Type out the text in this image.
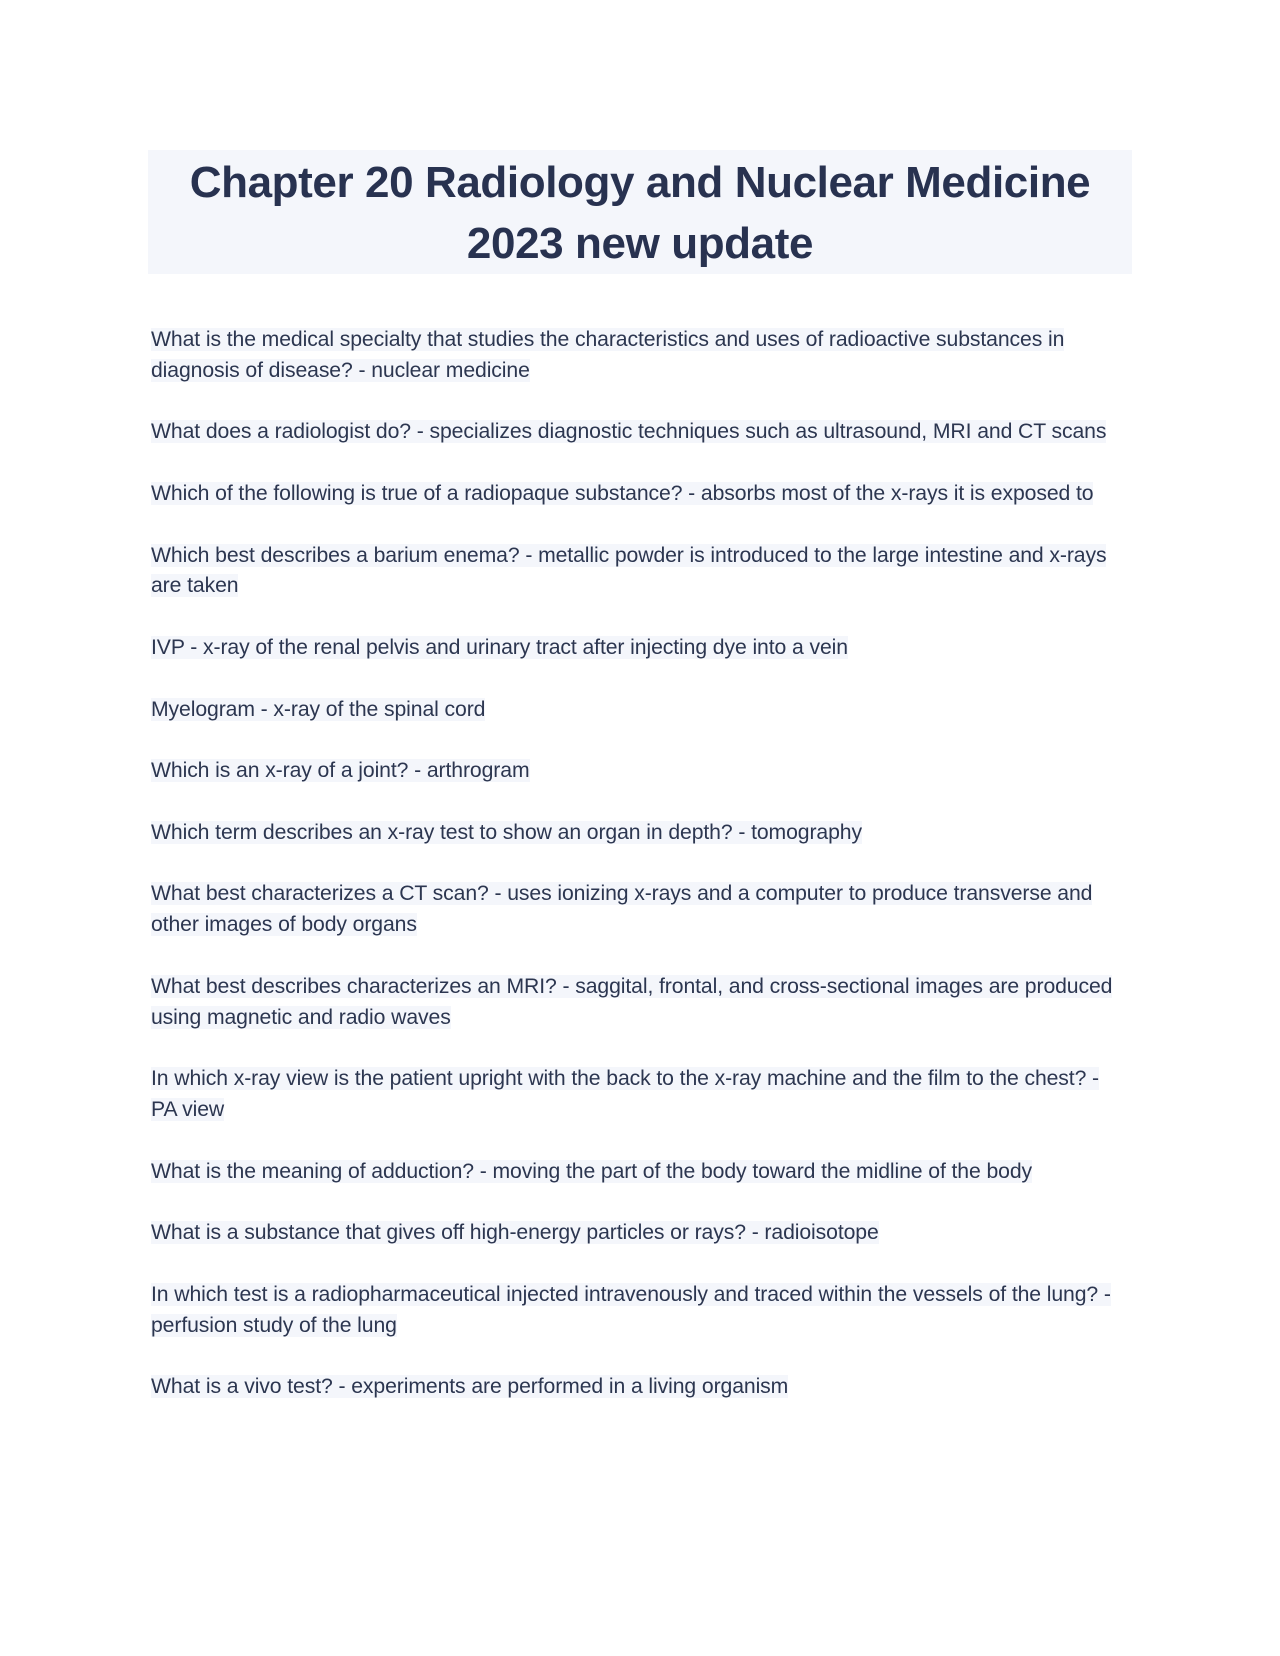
Chapter 20 Radiology and Nuclear Medicine
2023 new update
What is the medical specialty that studies the characteristics and uses of radioactive substances in diagnosis of disease? - nuclear medicine
What does a radiologist do? - specializes diagnostic techniques such as ultrasound, MRI and CT scans
Which of the following is true of a radiopaque substance? - absorbs most of the x-rays it is exposed to
Which best describes a barium enema? - metallic powder is introduced to the large intestine and x-rays are taken
IVP - x-ray of the renal pelvis and urinary tract after injecting dye into a vein
Myelogram - x-ray of the spinal cord
Which is an x-ray of a joint? - arthrogram
Which term describes an x-ray test to show an organ in depth? - tomography
What best characterizes a CT scan? - uses ionizing x-rays and a computer to produce transverse and other images of body organs
What best describes characterizes an MRI? - saggital, frontal, and cross-sectional images are produced using magnetic and radio waves
In which x-ray view is the patient upright with the back to the x-ray machine and the film to the chest? - PA view
What is the meaning of adduction? - moving the part of the body toward the midline of the body
What is a substance that gives off high-energy particles or rays? - radioisotope
In which test is a radiopharmaceutical injected intravenously and traced within the vessels of the lung? - perfusion study of the lung
What is a vivo test? - experiments are performed in a living organism
